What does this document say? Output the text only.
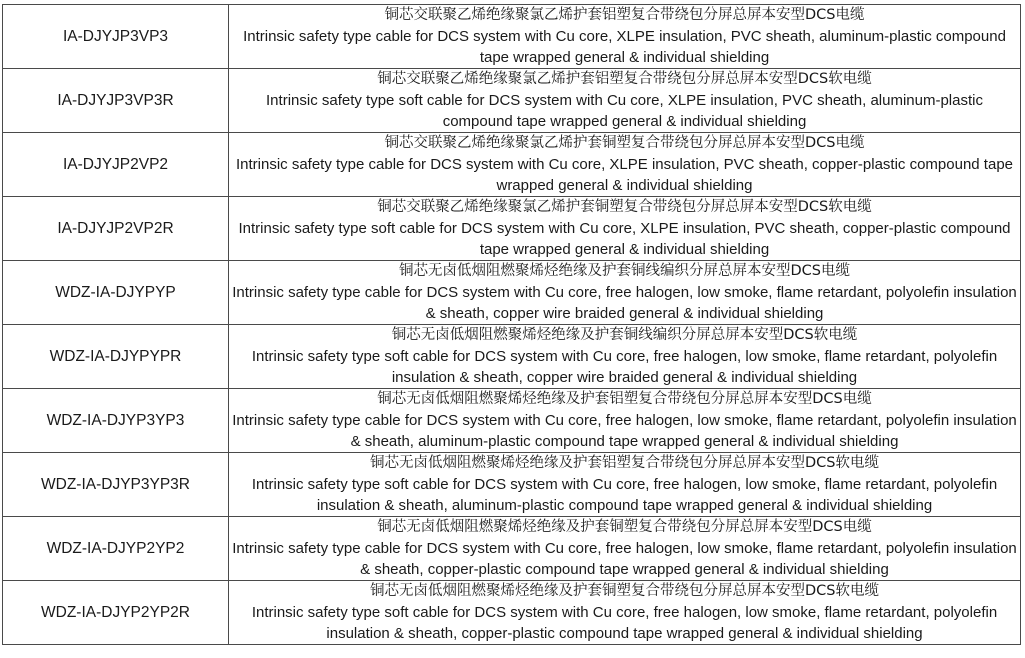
IA-DJYJP3VP3	铜芯交联聚乙烯绝缘聚氯乙烯护套铝塑复合带绕包分屏总屏本安型DCS电缆
Intrinsic safety type cable for DCS system with Cu core, XLPE insulation, PVC sheath, aluminum-plastic compound tape wrapped general & individual shielding

IA-DJYJP3VP3R	铜芯交联聚乙烯绝缘聚氯乙烯护套铝塑复合带绕包分屏总屏本安型DCS软电缆
Intrinsic safety type soft cable for DCS system with Cu core, XLPE insulation, PVC sheath, aluminum-plastic compound tape wrapped general & individual shielding

IA-DJYJP2VP2	铜芯交联聚乙烯绝缘聚氯乙烯护套铜塑复合带绕包分屏总屏本安型DCS电缆
Intrinsic safety type cable for DCS system with Cu core, XLPE insulation, PVC sheath, copper-plastic compound tape wrapped general & individual shielding

IA-DJYJP2VP2R	铜芯交联聚乙烯绝缘聚氯乙烯护套铜塑复合带绕包分屏总屏本安型DCS软电缆
Intrinsic safety type soft cable for DCS system with Cu core, XLPE insulation, PVC sheath, copper-plastic compound tape wrapped general & individual shielding

WDZ-IA-DJYPYP	铜芯无卤低烟阻燃聚烯烃绝缘及护套铜线编织分屏总屏本安型DCS电缆
Intrinsic safety type cable for DCS system with Cu core, free halogen, low smoke, flame retardant, polyolefin insulation & sheath, copper wire braided general & individual shielding

WDZ-IA-DJYPYPR	铜芯无卤低烟阻燃聚烯烃绝缘及护套铜线编织分屏总屏本安型DCS软电缆
Intrinsic safety type soft cable for DCS system with Cu core, free halogen, low smoke, flame retardant, polyolefin insulation & sheath, copper wire braided general & individual shielding

WDZ-IA-DJYP3YP3	铜芯无卤低烟阻燃聚烯烃绝缘及护套铝塑复合带绕包分屏总屏本安型DCS电缆
Intrinsic safety type cable for DCS system with Cu core, free halogen, low smoke, flame retardant, polyolefin insulation & sheath, aluminum-plastic compound tape wrapped general & individual shielding

WDZ-IA-DJYP3YP3R	铜芯无卤低烟阻燃聚烯烃绝缘及护套铝塑复合带绕包分屏总屏本安型DCS软电缆
Intrinsic safety type soft cable for DCS system with Cu core, free halogen, low smoke, flame retardant, polyolefin insulation & sheath, aluminum-plastic compound tape wrapped general & individual shielding

WDZ-IA-DJYP2YP2	铜芯无卤低烟阻燃聚烯烃绝缘及护套铜塑复合带绕包分屏总屏本安型DCS电缆
Intrinsic safety type cable for DCS system with Cu core, free halogen, low smoke, flame retardant, polyolefin insulation & sheath, copper-plastic compound tape wrapped general & individual shielding

WDZ-IA-DJYP2YP2R	铜芯无卤低烟阻燃聚烯烃绝缘及护套铜塑复合带绕包分屏总屏本安型DCS软电缆
Intrinsic safety type soft cable for DCS system with Cu core, free halogen, low smoke, flame retardant, polyolefin insulation & sheath, copper-plastic compound tape wrapped general & individual shielding
